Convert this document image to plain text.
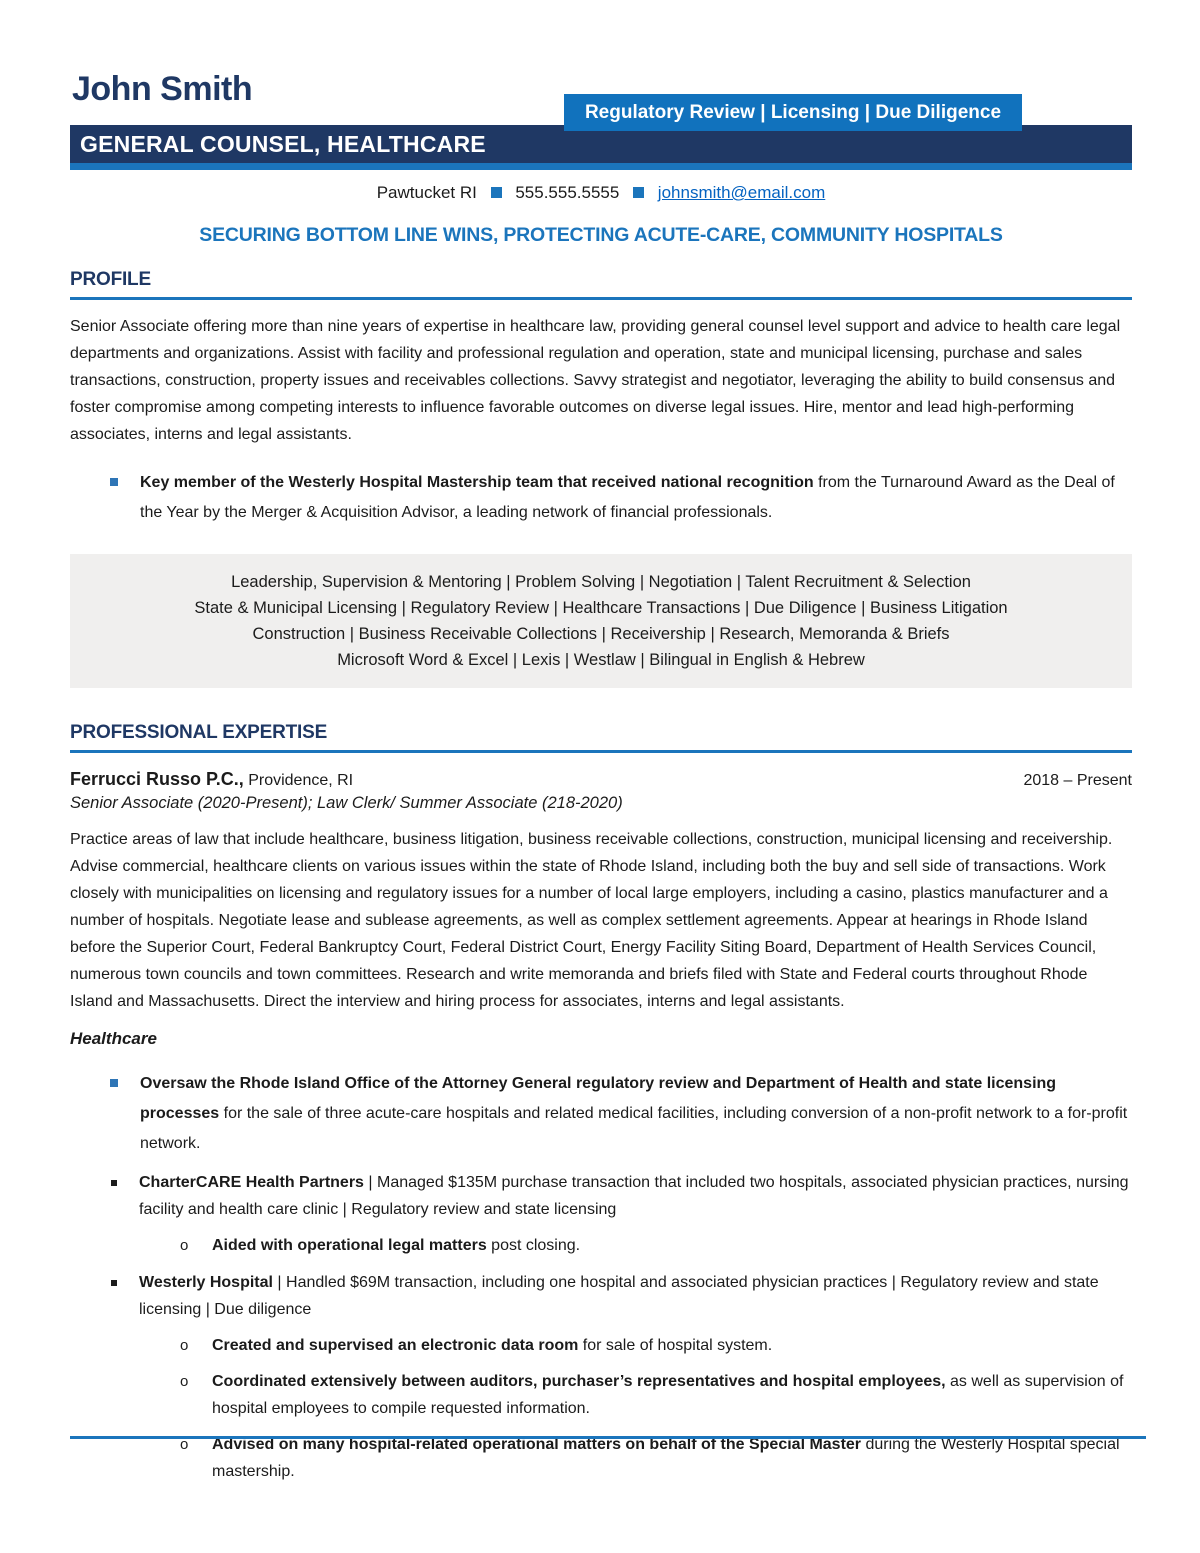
John Smith
Regulatory Review | Licensing | Due Diligence
GENERAL COUNSEL, HEALTHCARE
Pawtucket RI 555.555.5555 johnsmith@email.com
SECURING BOTTOM LINE WINS, PROTECTING ACUTE-CARE, COMMUNITY HOSPITALS
PROFILE
Senior Associate offering more than nine years of expertise in healthcare law, providing general counsel level support and advice to health care legal departments and organizations. Assist with facility and professional regulation and operation, state and municipal licensing, purchase and sales transactions, construction, property issues and receivables collections. Savvy strategist and negotiator, leveraging the ability to build consensus and foster compromise among competing interests to influence favorable outcomes on diverse legal issues. Hire, mentor and lead high-performing associates, interns and legal assistants.
Key member of the Westerly Hospital Mastership team that received national recognition from the Turnaround Award as the Deal of the Year by the Merger & Acquisition Advisor, a leading network of financial professionals.
Leadership, Supervision & Mentoring | Problem Solving | Negotiation | Talent Recruitment & Selection
State & Municipal Licensing | Regulatory Review | Healthcare Transactions | Due Diligence | Business Litigation
Construction | Business Receivable Collections | Receivership | Research, Memoranda & Briefs
Microsoft Word & Excel | Lexis | Westlaw | Bilingual in English & Hebrew
PROFESSIONAL EXPERTISE
Ferrucci Russo P.C., Providence, RI	2018 – Present
Senior Associate (2020-Present); Law Clerk/ Summer Associate (218-2020)
Practice areas of law that include healthcare, business litigation, business receivable collections, construction, municipal licensing and receivership. Advise commercial, healthcare clients on various issues within the state of Rhode Island, including both the buy and sell side of transactions. Work closely with municipalities on licensing and regulatory issues for a number of local large employers, including a casino, plastics manufacturer and a number of hospitals. Negotiate lease and sublease agreements, as well as complex settlement agreements. Appear at hearings in Rhode Island before the Superior Court, Federal Bankruptcy Court, Federal District Court, Energy Facility Siting Board, Department of Health Services Council, numerous town councils and town committees. Research and write memoranda and briefs filed with State and Federal courts throughout Rhode Island and Massachusetts. Direct the interview and hiring process for associates, interns and legal assistants.
Healthcare
Oversaw the Rhode Island Office of the Attorney General regulatory review and Department of Health and state licensing processes for the sale of three acute-care hospitals and related medical facilities, including conversion of a non-profit network to a for-profit network.
CharterCARE Health Partners | Managed $135M purchase transaction that included two hospitals, associated physician practices, nursing facility and health care clinic | Regulatory review and state licensing
o Aided with operational legal matters post closing.
Westerly Hospital | Handled $69M transaction, including one hospital and associated physician practices | Regulatory review and state licensing | Due diligence
o Created and supervised an electronic data room for sale of hospital system.
o Coordinated extensively between auditors, purchaser’s representatives and hospital employees, as well as supervision of hospital employees to compile requested information.
o Advised on many hospital-related operational matters on behalf of the Special Master during the Westerly Hospital special mastership.
